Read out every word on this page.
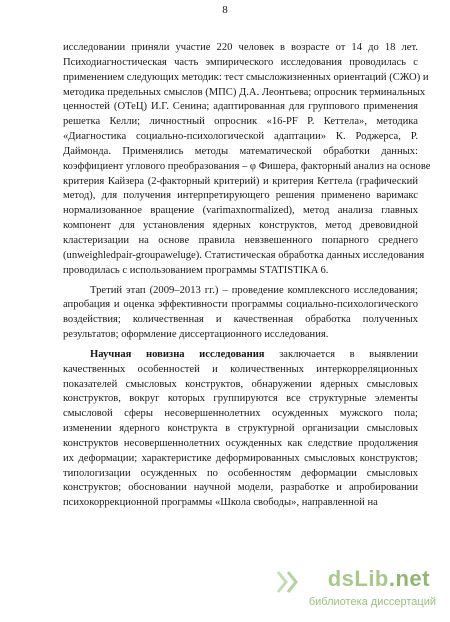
8

исследовании приняли участие 220 человек в возрасте от 14 до 18 лет.
Психодиагностическая часть эмпирического исследования проводилась с
применением следующих методик: тест смысложизненных ориентаций (СЖО) и
методика предельных смыслов (МПС) Д.А. Леонтьева; опросник терминальных
ценностей (ОТеЦ) И.Г. Сенина; адаптированная для группового применения
решетка Келли; личностный опросник «16-PF Р. Кеттела», методика
«Диагностика социально-психологической адаптации» К. Роджерса, Р.
Даймонда. Применялись методы математической обработки данных:
коэффициент углового преобразования – φ Фишера, факторный анализ на основе
критерия Кайзера (2-факторный критерий) и критерия Кеттела (графический
метод), для получения интерпретирующего решения применено варимакс
нормализованное вращение (varimaxnormalized), метод анализа главных
компонент для установления ядерных конструктов, метод древовидной
кластеризации на основе правила невзвешенного попарного среднего
(unweighledpair-groupaweluge). Статистическая обработка данных исследования
проводилась с использованием программы STATISTIKA 6.

Третий этап (2009–2013 гг.) – проведение комплексного исследования;
апробация и оценка эффективности программы социально-психологического
воздействия; количественная и качественная обработка полученных
результатов; оформление диссертационного исследования.

Научная новизна исследования заключается в выявлении
качественных особенностей и количественных интеркорреляционных
показателей смысловых конструктов, обнаружении ядерных смысловых
конструктов, вокруг которых группируются все структурные элементы
смысловой сферы несовершеннолетних осужденных мужского пола;
изменении ядерного конструкта в структурной организации смысловых
конструктов несовершеннолетних осужденных как следствие продолжения
их деформации; характеристике деформированных смысловых конструктов;
типологизации осужденных по особенностям деформации смысловых
конструктов; обосновании научной модели, разработке и апробировании
психокоррекционной программы «Школа свободы», направленной на

dsLib.net
библиотека диссертаций
